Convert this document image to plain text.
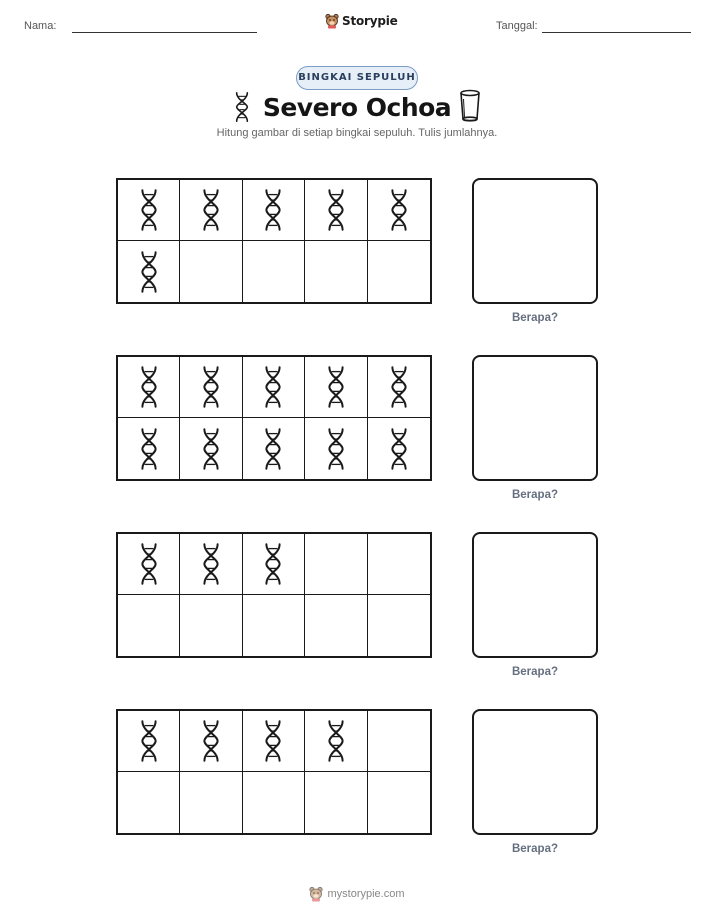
Nama:	Storypie	Tanggal:
BINGKAI SEPULUH
Severo Ochoa
Hitung gambar di setiap bingkai sepuluh. Tulis jumlahnya.
Berapa?
Berapa?
Berapa?
Berapa?
mystorypie.com
